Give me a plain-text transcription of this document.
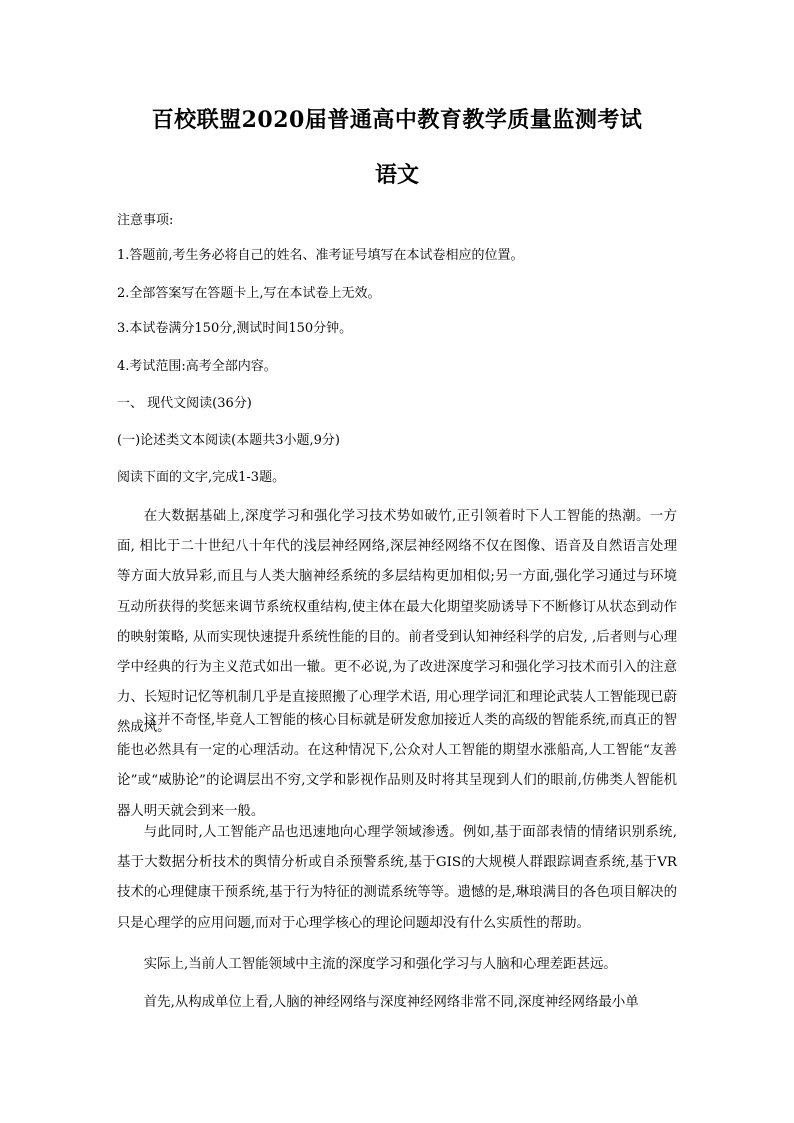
百校联盟2020届普通高中教育教学质量监测考试
语文
注意事项:
1.答题前,考生务必将自己的姓名、准考证号填写在本试卷相应的位置。
2.全部答案写在答题卡上,写在本试卷上无效。
3.本试卷满分150分,测试时间150分钟。
4.考试范围:高考全部内容。
一、 现代文阅读(36分)
(一)论述类文本阅读(本题共3小题,9分)
阅读下面的文字,完成1-3题。
在大数据基础上,深度学习和强化学习技术势如破竹,正引领着时下人工智能的热潮。一方面, 相比于二十世纪八十年代的浅层神经网络,深层神经网络不仅在图像、语音及自然语言处理等方面大放异彩,而且与人类大脑神经系统的多层结构更加相似;另一方面,强化学习通过与环境互动所获得的奖惩来调节系统权重结构,使主体在最大化期望奖励诱导下不断修订从状态到动作的映射策略, 从而实现快速提升系统性能的目的。前者受到认知神经科学的启发, ,后者则与心理学中经典的行为主义范式如出一辙。更不必说,为了改进深度学习和强化学习技术而引入的注意力、长短时记忆等机制几乎是直接照搬了心理学术语, 用心理学词汇和理论武装人工智能现已蔚然成风。
这并不奇怪,毕竟人工智能的核心目标就是研发愈加接近人类的高级的智能系统,而真正的智能也必然具有一定的心理活动。在这种情况下,公众对人工智能的期望水涨船高,人工智能“友善论”或“威胁论”的论调层出不穷,文学和影视作品则及时将其呈现到人们的眼前,仿佛类人智能机器人明天就会到来一般。
与此同时,人工智能产品也迅速地向心理学领域渗透。例如,基于面部表情的情绪识别系统,基于大数据分析技术的舆情分析或自杀预警系统,基于GIS的大规模人群跟踪调查系统,基于VR技术的心理健康干预系统,基于行为特征的测谎系统等等。遗憾的是,琳琅满目的各色项目解决的只是心理学的应用问题,而对于心理学核心的理论问题却没有什么实质性的帮助。
实际上,当前人工智能领域中主流的深度学习和强化学习与人脑和心理差距甚远。
首先,从构成单位上看,人脑的神经网络与深度神经网络非常不同,深度神经网络最小单
